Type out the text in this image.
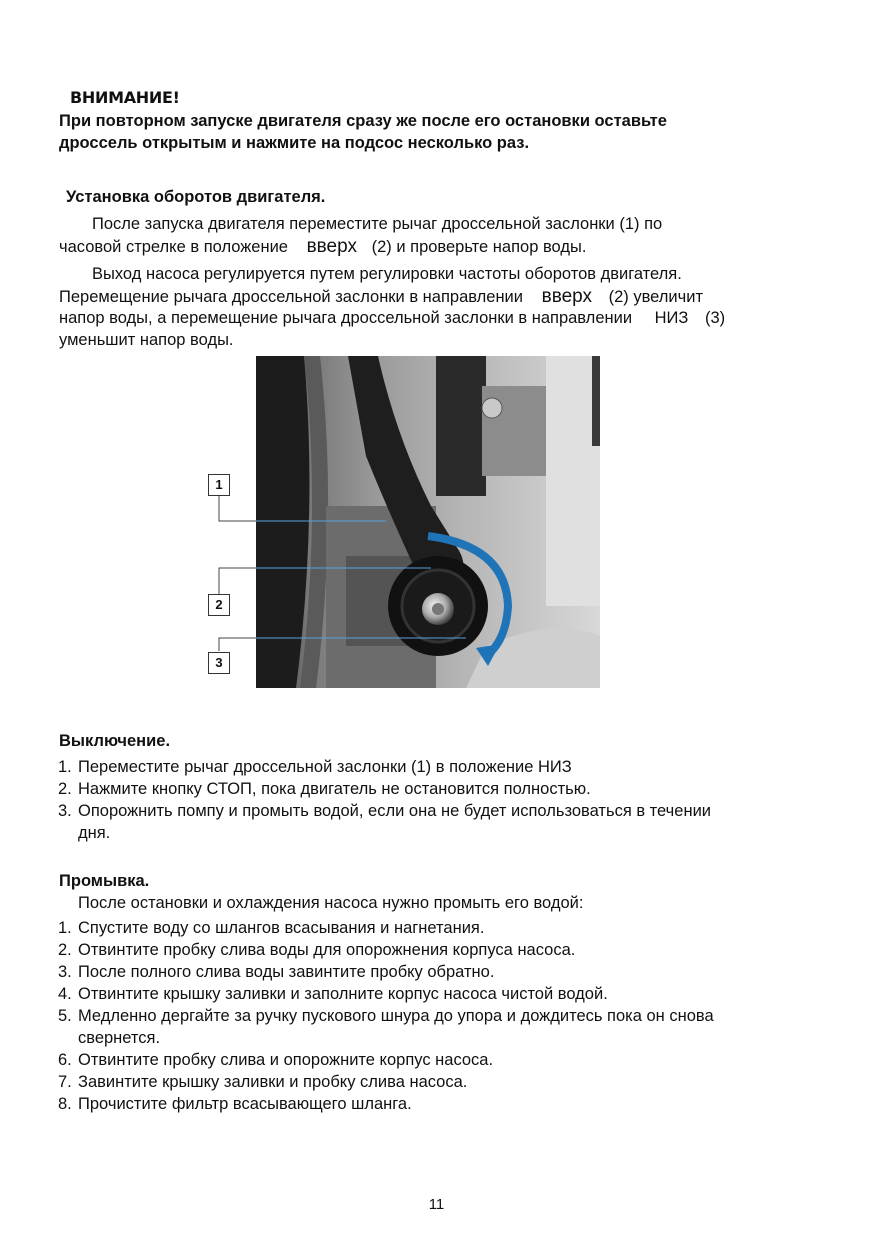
ВНИМАНИЕ!
При повторном запуске двигателя сразу же после его остановки оставьте
дроссель открытым и нажмите на подсос несколько раз.
Установка оборотов двигателя.
После запуска двигателя переместите рычаг дроссельной заслонки (1) по
часовой стрелке в положение вверх (2) и проверьте напор воды.
Выход насоса регулируется путем регулировки частоты оборотов двигателя.
Перемещение рычага дроссельной заслонки в направлении вверх (2) увеличит
напор воды, а перемещение рычага дроссельной заслонки в направлении НИЗ (3)
уменьшит напор воды.
1
2
3
Выключение.
1. Переместите рычаг дроссельной заслонки (1) в положение НИЗ
2. Нажмите кнопку СТОП, пока двигатель не остановится полностью.
3. Опорожнить помпу и промыть водой, если она не будет использоваться в течении
дня.
Промывка.
После остановки и охлаждения насоса нужно промыть его водой:
1. Спустите воду со шлангов всасывания и нагнетания.
2. Отвинтите пробку слива воды для опорожнения корпуса насоса.
3. После полного слива воды завинтите пробку обратно.
4. Отвинтите крышку заливки и заполните корпус насоса чистой водой.
5. Медленно дергайте за ручку пускового шнура до упора и дождитесь пока он снова
свернется.
6. Отвинтите пробку слива и опорожните корпус насоса.
7. Завинтите крышку заливки и пробку слива насоса.
8. Прочистите фильтр всасывающего шланга.
11
